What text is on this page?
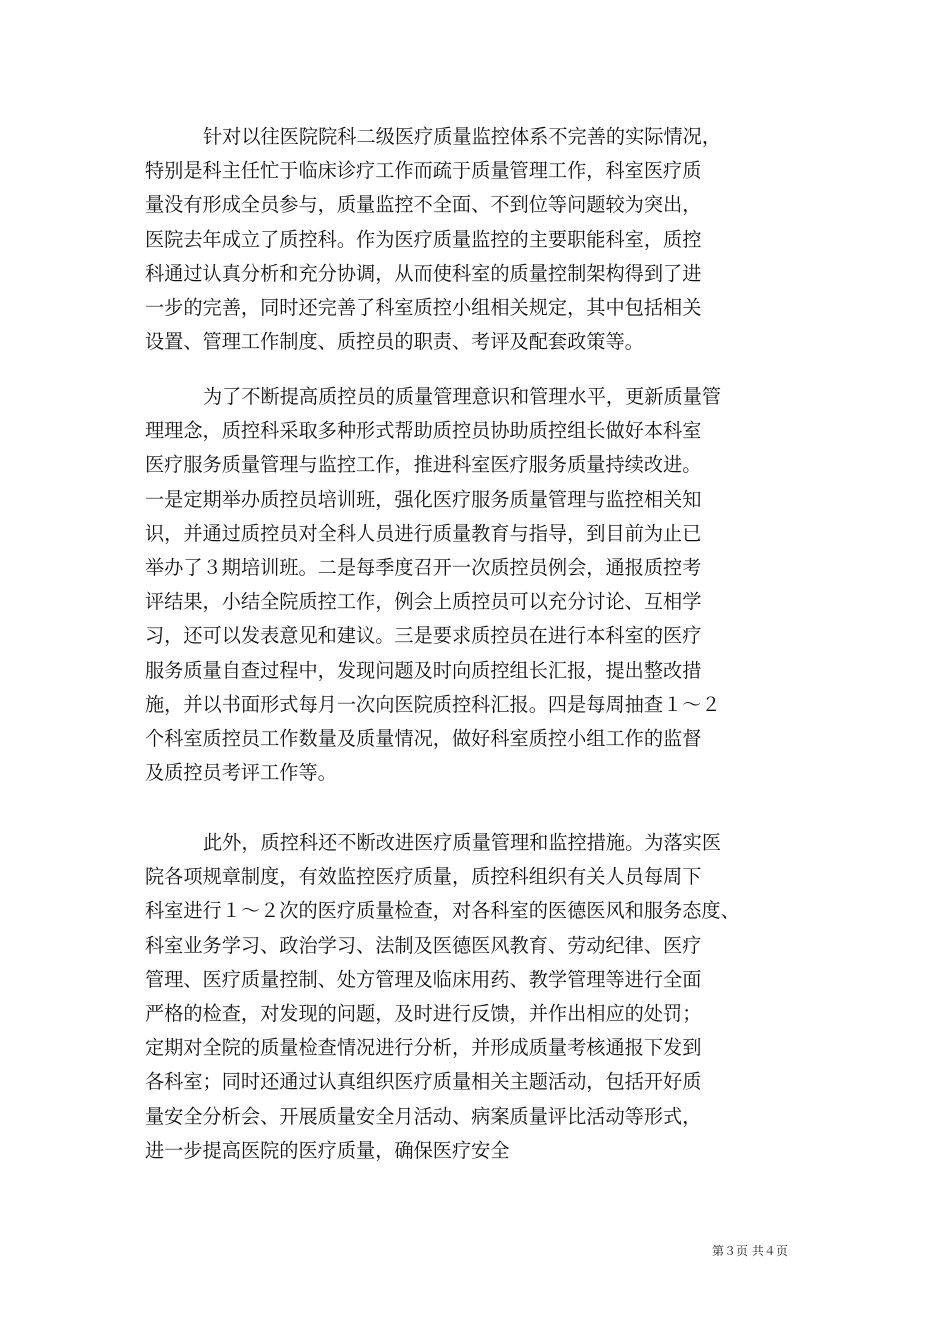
针对以往医院院科二级医疗质量监控体系不完善的实际情况，
特别是科主任忙于临床诊疗工作而疏于质量管理工作，科室医疗质
量没有形成全员参与，质量监控不全面、不到位等问题较为突出，
医院去年成立了质控科。作为医疗质量监控的主要职能科室，质控
科通过认真分析和充分协调，从而使科室的质量控制架构得到了进
一步的完善，同时还完善了科室质控小组相关规定，其中包括相关
设置、管理工作制度、质控员的职责、考评及配套政策等。

为了不断提高质控员的质量管理意识和管理水平，更新质量管
理理念，质控科采取多种形式帮助质控员协助质控组长做好本科室
医疗服务质量管理与监控工作，推进科室医疗服务质量持续改进。
一是定期举办质控员培训班，强化医疗服务质量管理与监控相关知
识，并通过质控员对全科人员进行质量教育与指导，到目前为止已
举办了３期培训班。二是每季度召开一次质控员例会，通报质控考
评结果，小结全院质控工作，例会上质控员可以充分讨论、互相学
习，还可以发表意见和建议。三是要求质控员在进行本科室的医疗
服务质量自查过程中，发现问题及时向质控组长汇报，提出整改措
施，并以书面形式每月一次向医院质控科汇报。四是每周抽查１～２
个科室质控员工作数量及质量情况，做好科室质控小组工作的监督
及质控员考评工作等。

此外，质控科还不断改进医疗质量管理和监控措施。为落实医
院各项规章制度，有效监控医疗质量，质控科组织有关人员每周下
科室进行１～２次的医疗质量检查，对各科室的医德医风和服务态度、
科室业务学习、政治学习、法制及医德医风教育、劳动纪律、医疗
管理、医疗质量控制、处方管理及临床用药、教学管理等进行全面
严格的检查，对发现的问题，及时进行反馈，并作出相应的处罚；
定期对全院的质量检查情况进行分析，并形成质量考核通报下发到
各科室；同时还通过认真组织医疗质量相关主题活动，包括开好质
量安全分析会、开展质量安全月活动、病案质量评比活动等形式，
进一步提高医院的医疗质量，确保医疗安全

第３页 共４页
